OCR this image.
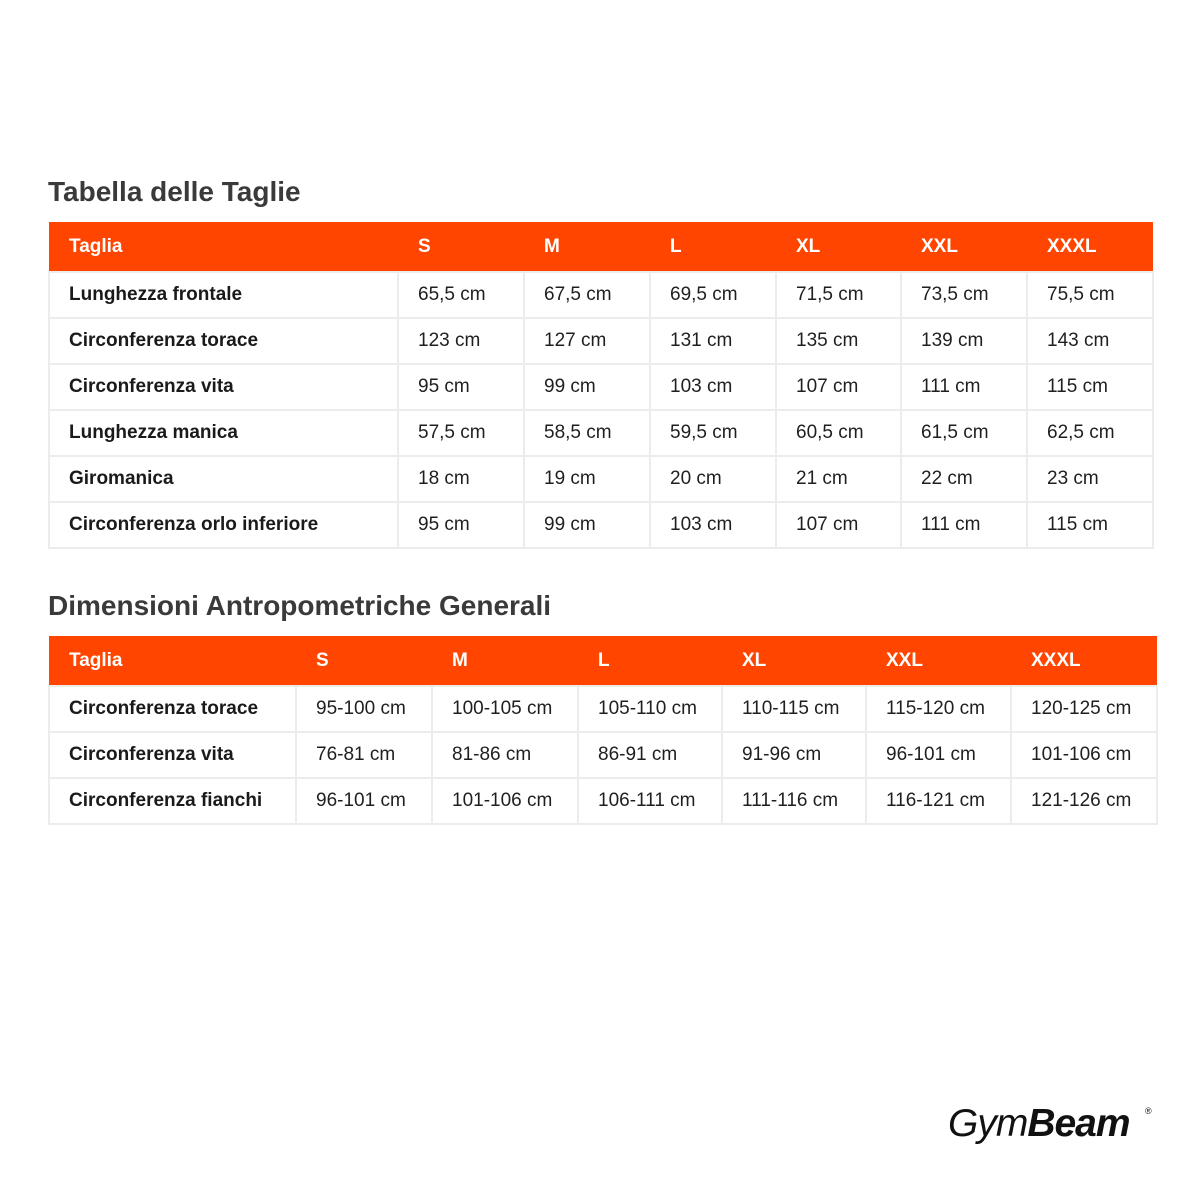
Tabella delle Taglie
Taglia	S	M	L	XL	XXL	XXXL
Lunghezza frontale	65,5 cm	67,5 cm	69,5 cm	71,5 cm	73,5 cm	75,5 cm
Circonferenza torace	123 cm	127 cm	131 cm	135 cm	139 cm	143 cm
Circonferenza vita	95 cm	99 cm	103 cm	107 cm	111 cm	115 cm
Lunghezza manica	57,5 cm	58,5 cm	59,5 cm	60,5 cm	61,5 cm	62,5 cm
Giromanica	18 cm	19 cm	20 cm	21 cm	22 cm	23 cm
Circonferenza orlo inferiore	95 cm	99 cm	103 cm	107 cm	111 cm	115 cm
Dimensioni Antropometriche Generali
Taglia	S	M	L	XL	XXL	XXXL
Circonferenza torace	95-100 cm	100-105 cm	105-110 cm	110-115 cm	115-120 cm	120-125 cm
Circonferenza vita	76-81 cm	81-86 cm	86-91 cm	91-96 cm	96-101 cm	101-106 cm
Circonferenza fianchi	96-101 cm	101-106 cm	106-111 cm	111-116 cm	116-121 cm	121-126 cm
GymBeam ®
